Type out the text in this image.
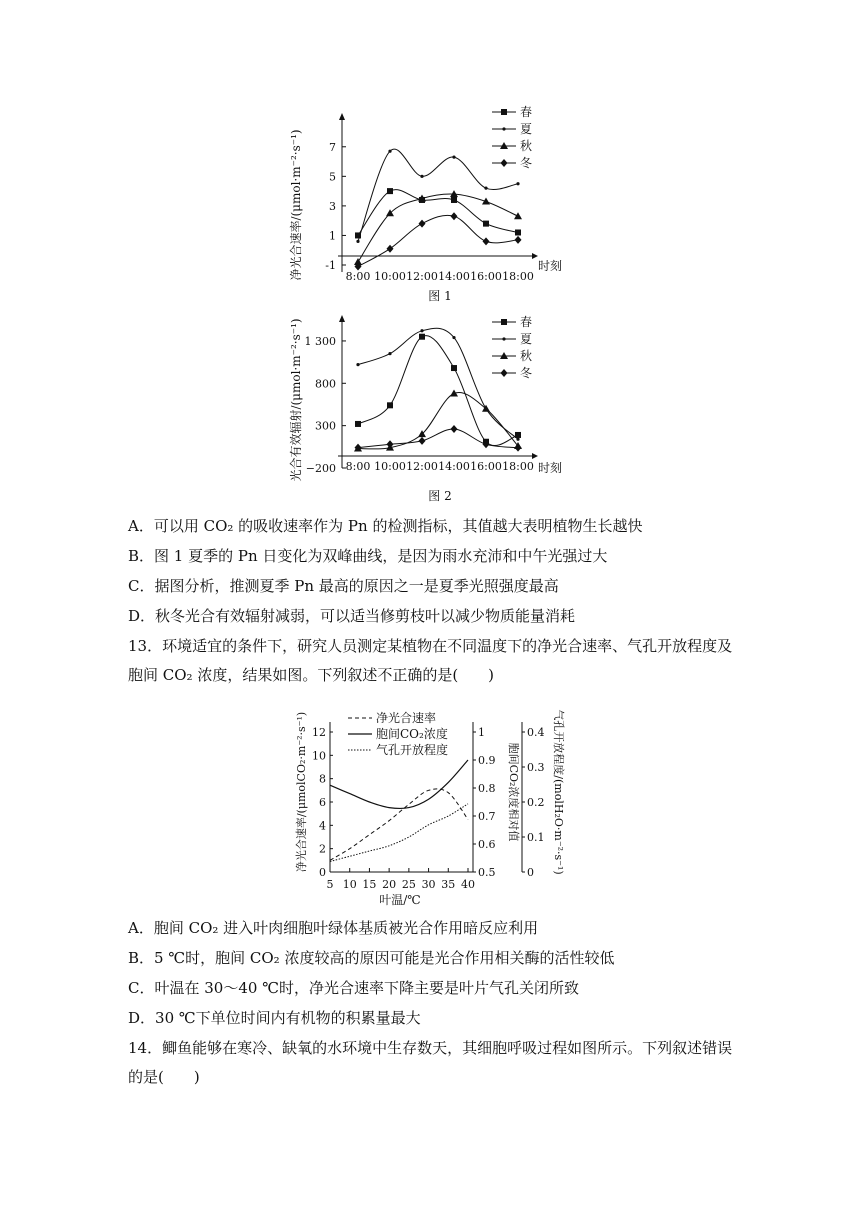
净光合速率/(μmol·m⁻²·s⁻¹)	时刻
图 1
-1
1
3
5
7
8:00 10:00 12:00 14:00 16:00 18:00
春
夏
秋
冬
光合有效辐射/(μmol·m⁻²·s⁻¹)	时刻
图 2
−200
300
800
1 300
8:00 10:00 12:00 14:00 16:00 18:00
春
夏
秋
冬
A．可以用 CO₂ 的吸收速率作为 Pn 的检测指标，其值越大表明植物生长越快
B．图 1 夏季的 Pn 日变化为双峰曲线，是因为雨水充沛和中午光强过大
C．据图分析，推测夏季 Pn 最高的原因之一是夏季光照强度最高
D．秋冬光合有效辐射减弱，可以适当修剪枝叶以减少物质能量消耗
13．环境适宜的条件下，研究人员测定某植物在不同温度下的净光合速率、气孔开放程度及
胞间 CO₂ 浓度，结果如图。下列叙述不正确的是(　　)
净光合速率/(μmolCO₂·m⁻²·s⁻¹)	胞间CO₂浓度相对值	气孔开放程度/(molH₂O·m⁻²·s⁻¹)
叶温/℃
5 10 15 20 25 30 35 40
0
2
4
6
8
10
12
0.5
0.6
0.7
0.8
0.9
1
0
0.1
0.2
0.3
0.4
净光合速率
胞间CO₂浓度
气孔开放程度
A．胞间 CO₂ 进入叶肉细胞叶绿体基质被光合作用暗反应利用
B．5 ℃时，胞间 CO₂ 浓度较高的原因可能是光合作用相关酶的活性较低
C．叶温在 30～40 ℃时，净光合速率下降主要是叶片气孔关闭所致
D．30 ℃下单位时间内有机物的积累量最大
14．鲫鱼能够在寒冷、缺氧的水环境中生存数天，其细胞呼吸过程如图所示。下列叙述错误
的是(　　)
